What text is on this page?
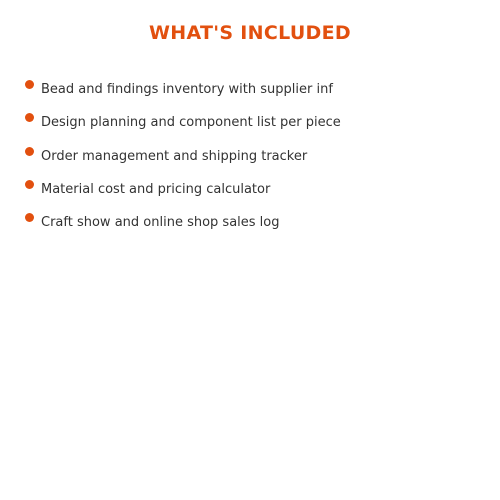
WHAT'S INCLUDED
Bead and findings inventory with supplier inf
Design planning and component list per piece
Order management and shipping tracker
Material cost and pricing calculator
Craft show and online shop sales log
